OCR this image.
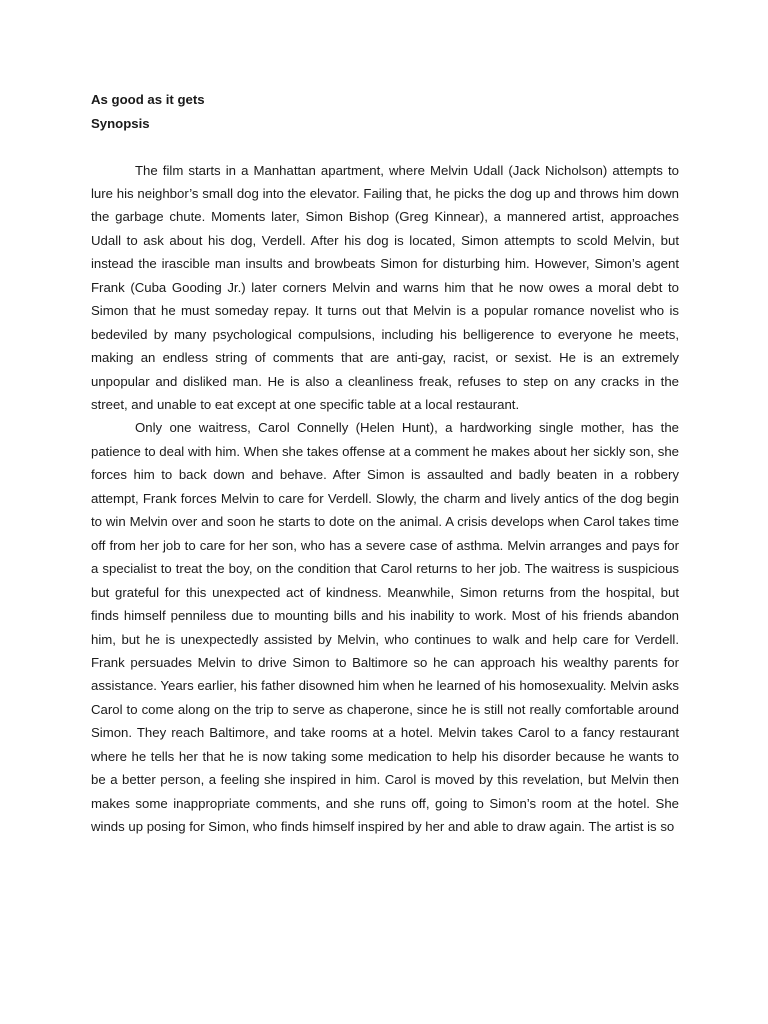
As good as it gets

Synopsis

The film starts in a Manhattan apartment, where Melvin Udall (Jack Nicholson) attempts to lure his neighbor’s small dog into the elevator. Failing that, he picks the dog up and throws him down the garbage chute. Moments later, Simon Bishop (Greg Kinnear), a mannered artist, approaches Udall to ask about his dog, Verdell. After his dog is located, Simon attempts to scold Melvin, but instead the irascible man insults and browbeats Simon for disturbing him. However, Simon’s agent Frank (Cuba Gooding Jr.) later corners Melvin and warns him that he now owes a moral debt to Simon that he must someday repay. It turns out that Melvin is a popular romance novelist who is bedeviled by many psychological compulsions, including his belligerence to everyone he meets, making an endless string of comments that are anti-gay, racist, or sexist. He is an extremely unpopular and disliked man. He is also a cleanliness freak, refuses to step on any cracks in the street, and unable to eat except at one specific table at a local restaurant.

Only one waitress, Carol Connelly (Helen Hunt), a hardworking single mother, has the patience to deal with him. When she takes offense at a comment he makes about her sickly son, she forces him to back down and behave. After Simon is assaulted and badly beaten in a robbery attempt, Frank forces Melvin to care for Verdell. Slowly, the charm and lively antics of the dog begin to win Melvin over and soon he starts to dote on the animal. A crisis develops when Carol takes time off from her job to care for her son, who has a severe case of asthma. Melvin arranges and pays for a specialist to treat the boy, on the condition that Carol returns to her job. The waitress is suspicious but grateful for this unexpected act of kindness. Meanwhile, Simon returns from the hospital, but finds himself penniless due to mounting bills and his inability to work. Most of his friends abandon him, but he is unexpectedly assisted by Melvin, who continues to walk and help care for Verdell. Frank persuades Melvin to drive Simon to Baltimore so he can approach his wealthy parents for assistance. Years earlier, his father disowned him when he learned of his homosexuality. Melvin asks Carol to come along on the trip to serve as chaperone, since he is still not really comfortable around Simon. They reach Baltimore, and take rooms at a hotel. Melvin takes Carol to a fancy restaurant where he tells her that he is now taking some medication to help his disorder because he wants to be a better person, a feeling she inspired in him. Carol is moved by this revelation, but Melvin then makes some inappropriate comments, and she runs off, going to Simon’s room at the hotel. She winds up posing for Simon, who finds himself inspired by her and able to draw again. The artist is so
